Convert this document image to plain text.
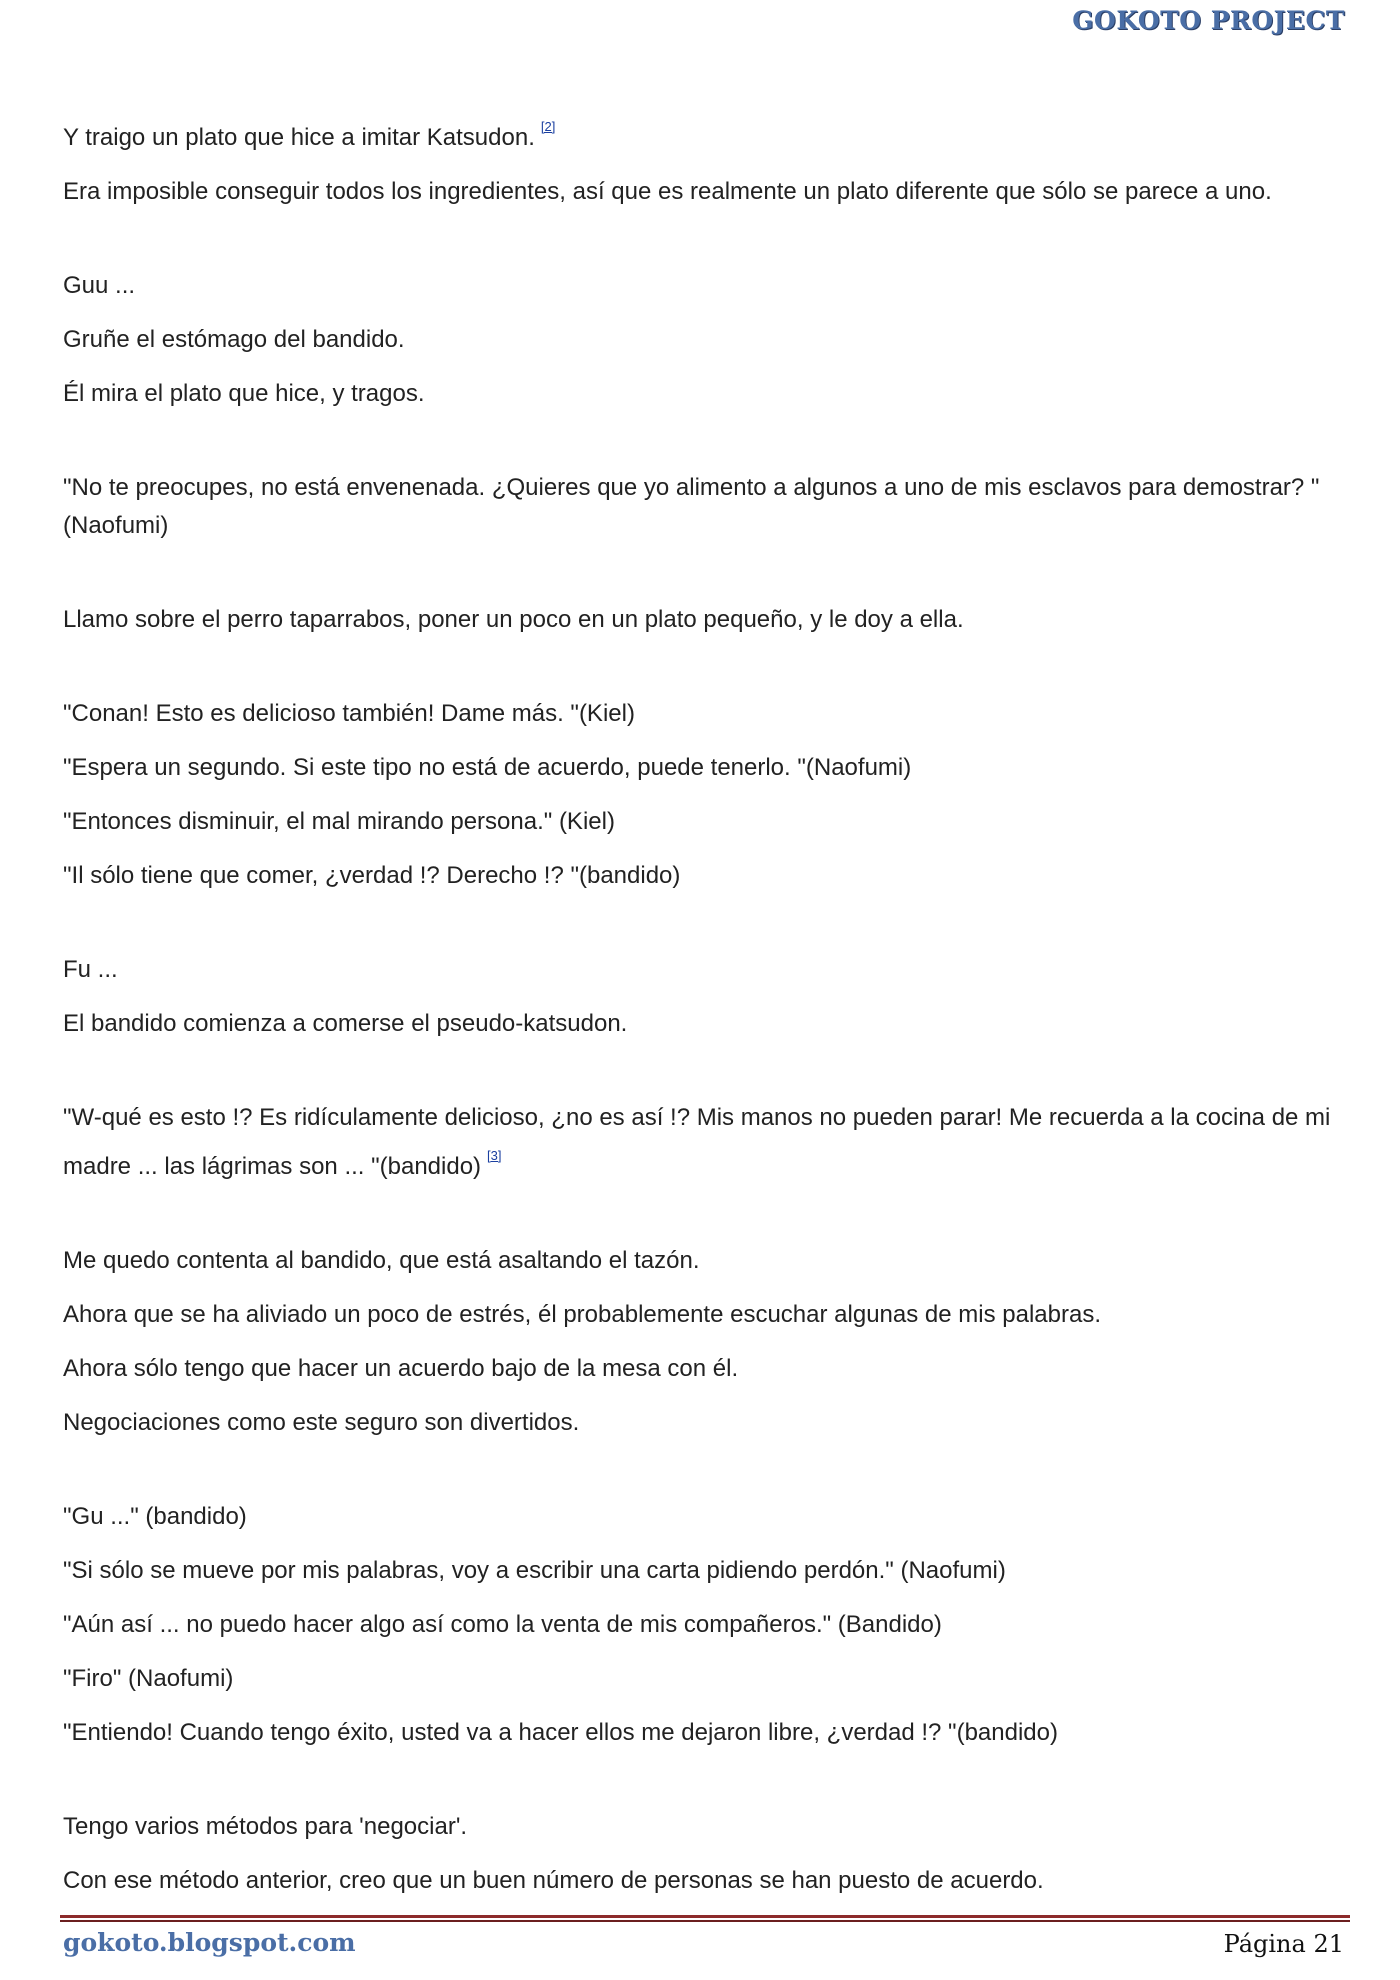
GOKOTO PROJECT

Y traigo un plato que hice a imitar Katsudon. [2]

Era imposible conseguir todos los ingredientes, así que es realmente un plato diferente que sólo se parece a uno.

Guu ...

Gruñe el estómago del bandido.

Él mira el plato que hice, y tragos.

"No te preocupes, no está envenenada. ¿Quieres que yo alimento a algunos a uno de mis esclavos para demostrar? "(Naofumi)

Llamo sobre el perro taparrabos, poner un poco en un plato pequeño, y le doy a ella.

"Conan! Esto es delicioso también! Dame más. "(Kiel)

"Espera un segundo. Si este tipo no está de acuerdo, puede tenerlo. "(Naofumi)

"Entonces disminuir, el mal mirando persona." (Kiel)

"Il sólo tiene que comer, ¿verdad !? Derecho !? "(bandido)

Fu ...

El bandido comienza a comerse el pseudo-katsudon.

"W-qué es esto !? Es ridículamente delicioso, ¿no es así !? Mis manos no pueden parar! Me recuerda a la cocina de mi madre ... las lágrimas son ... "(bandido) [3]

Me quedo contenta al bandido, que está asaltando el tazón.

Ahora que se ha aliviado un poco de estrés, él probablemente escuchar algunas de mis palabras.

Ahora sólo tengo que hacer un acuerdo bajo de la mesa con él.

Negociaciones como este seguro son divertidos.

"Gu ..." (bandido)

"Si sólo se mueve por mis palabras, voy a escribir una carta pidiendo perdón." (Naofumi)

"Aún así ... no puedo hacer algo así como la venta de mis compañeros." (Bandido)

"Firo" (Naofumi)

"Entiendo! Cuando tengo éxito, usted va a hacer ellos me dejaron libre, ¿verdad !? "(bandido)

Tengo varios métodos para 'negociar'.

Con ese método anterior, creo que un buen número de personas se han puesto de acuerdo.

gokoto.blogspot.com	Página 21
